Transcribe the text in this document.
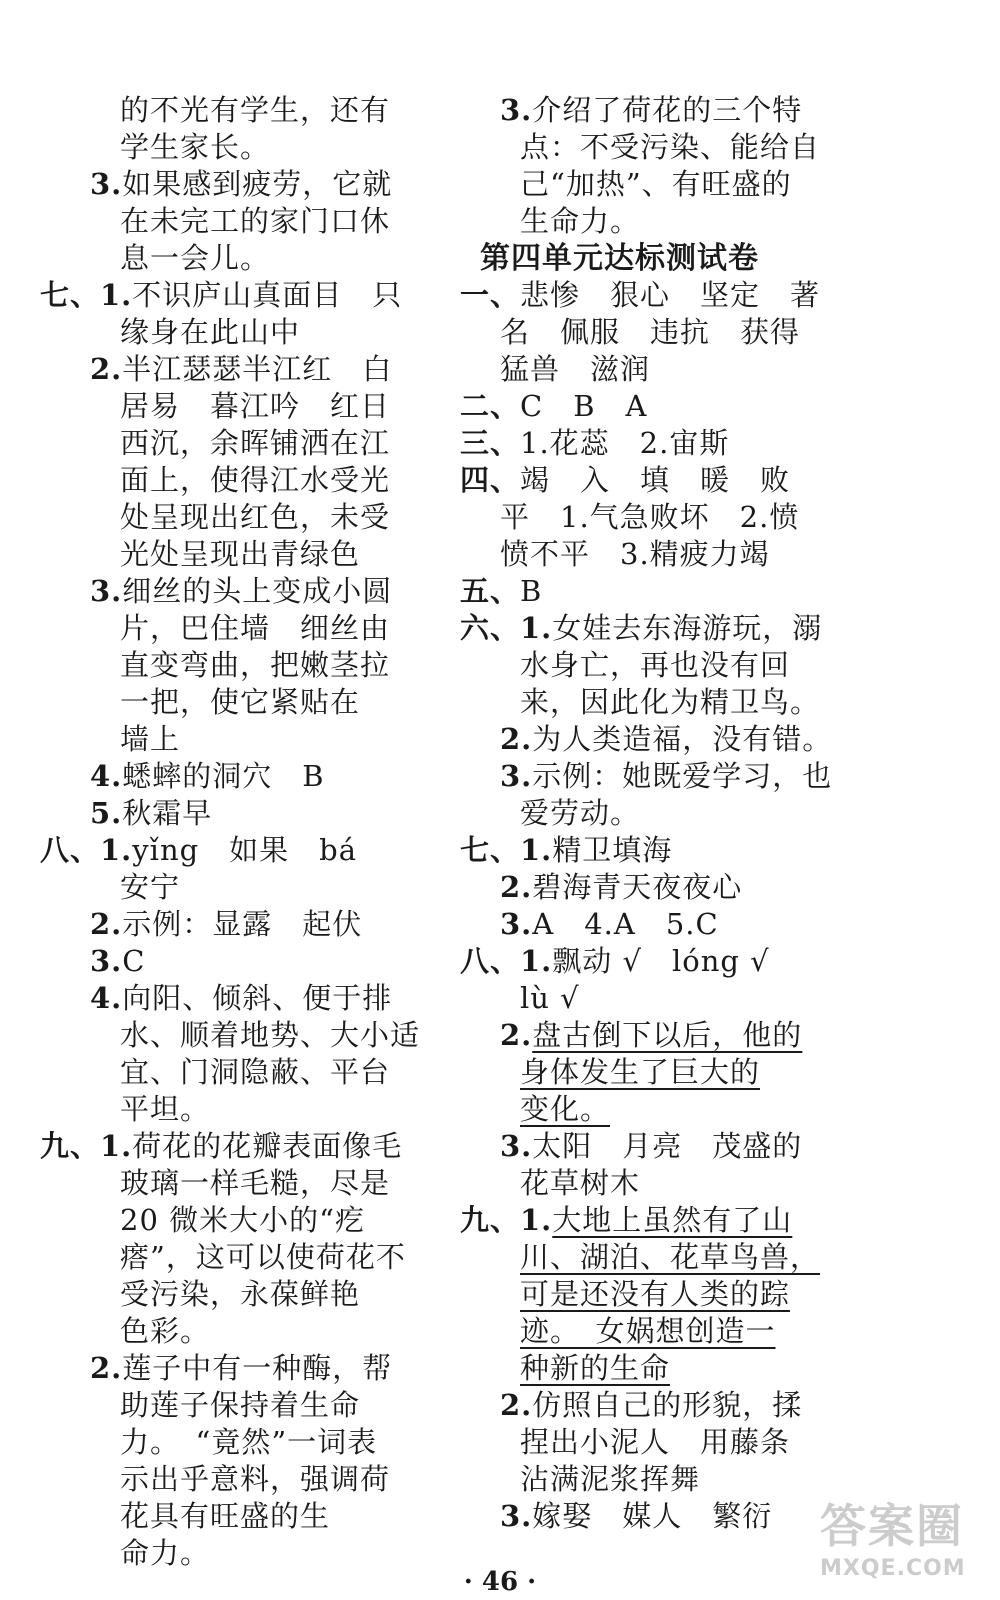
的不光有学生，还有
学生家长。
3.如果感到疲劳，它就
在未完工的家门口休
息一会儿。
七、1.不识庐山真面目　只
缘身在此山中
2.半江瑟瑟半江红　白
居易　暮江吟　红日
西沉，余晖铺洒在江
面上，使得江水受光
处呈现出红色，未受
光处呈现出青绿色
3.细丝的头上变成小圆
片，巴住墙　细丝由
直变弯曲，把嫩茎拉
一把，使它紧贴在
墙上
4.蟋蟀的洞穴　B
5.秋霜早
八、1.yǐng　如果　bá
安宁
2.示例：显露　起伏
3.C
4.向阳、倾斜、便于排
水、顺着地势、大小适
宜、门洞隐蔽、平台
平坦。
九、1.荷花的花瓣表面像毛
玻璃一样毛糙，尽是
20 微米大小的“疙
瘩”，这可以使荷花不
受污染，永葆鲜艳
色彩。
2.莲子中有一种酶，帮
助莲子保持着生命
力。　“竟然”一词表
示出乎意料，强调荷
花具有旺盛的生
命力。
3.介绍了荷花的三个特
点：不受污染、能给自
己“加热”、有旺盛的
生命力。
第四单元达标测试卷
一、悲惨　狠心　坚定　著
名　佩服　违抗　获得
猛兽　滋润
二、C　B　A
三、1.花蕊　2.宙斯
四、竭　入　填　暖　败
平　1.气急败坏　2.愤
愤不平　3.精疲力竭
五、B
六、1.女娃去东海游玩，溺
水身亡，再也没有回
来，因此化为精卫鸟。
2.为人类造福，没有错。
3.示例：她既爱学习，也
爱劳动。
七、1.精卫填海
2.碧海青天夜夜心
3.A　4.A　5.C
八、1.飘动 √　lóng √
lù √
2.盘古倒下以后，他的
身体发生了巨大的
变化。
3.太阳　月亮　茂盛的
花草树木
九、1.大地上虽然有了山
川、湖泊、花草鸟兽，
可是还没有人类的踪
迹。　女娲想创造一
种新的生命
2.仿照自己的形貌，揉
捏出小泥人　用藤条
沾满泥浆挥舞
3.嫁娶　媒人　繁衍
· 46 ·
答案圈
MXQE.COM
